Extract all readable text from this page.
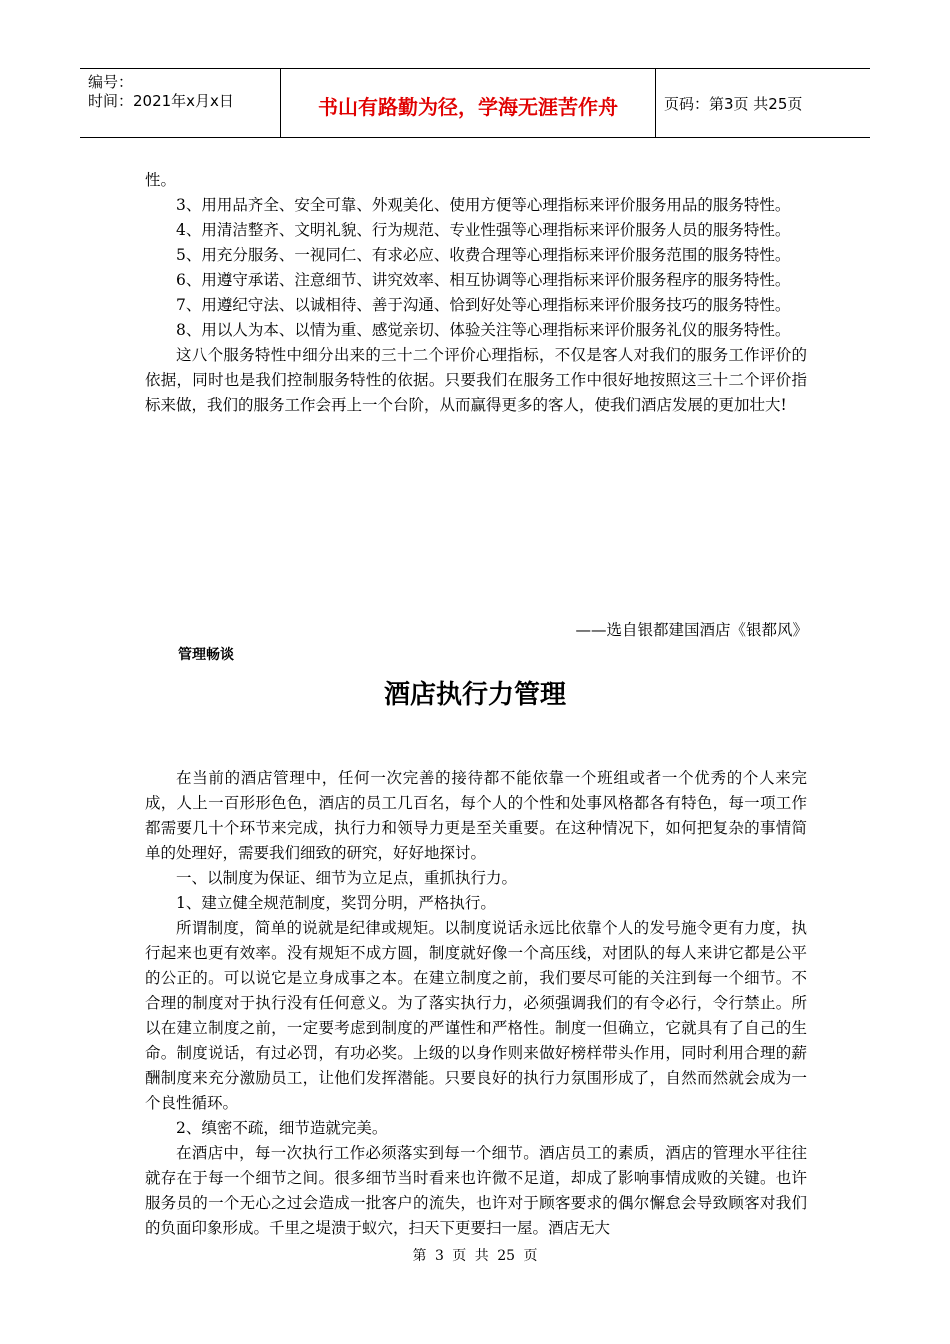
编号：
时间：2021年x月x日	书山有路勤为径，学海无涯苦作舟	页码：第3页 共25页

性。

3、用用品齐全、安全可靠、外观美化、使用方便等心理指标来评价服务用品的服务特性。

4、用清洁整齐、文明礼貌、行为规范、专业性强等心理指标来评价服务人员的服务特性。

5、用充分服务、一视同仁、有求必应、收费合理等心理指标来评价服务范围的服务特性。

6、用遵守承诺、注意细节、讲究效率、相互协调等心理指标来评价服务程序的服务特性。

7、用遵纪守法、以诚相待、善于沟通、恰到好处等心理指标来评价服务技巧的服务特性。

8、用以人为本、以情为重、感觉亲切、体验关注等心理指标来评价服务礼仪的服务特性。

这八个服务特性中细分出来的三十二个评价心理指标，不仅是客人对我们的服务工作评价的依据，同时也是我们控制服务特性的依据。只要我们在服务工作中很好地按照这三十二个评价指标来做，我们的服务工作会再上一个台阶，从而赢得更多的客人，使我们酒店发展的更加壮大!

——选自银都建国酒店《银都风》
管理畅谈
酒店执行力管理

在当前的酒店管理中，任何一次完善的接待都不能依靠一个班组或者一个优秀的个人来完成，人上一百形形色色，酒店的员工几百名，每个人的个性和处事风格都各有特色，每一项工作都需要几十个环节来完成，执行力和领导力更是至关重要。在这种情况下，如何把复杂的事情简单的处理好，需要我们细致的研究，好好地探讨。

一、以制度为保证、细节为立足点，重抓执行力。

1、建立健全规范制度，奖罚分明，严格执行。

所谓制度，简单的说就是纪律或规矩。以制度说话永远比依靠个人的发号施令更有力度，执行起来也更有效率。没有规矩不成方圆，制度就好像一个高压线，对团队的每人来讲它都是公平的公正的。可以说它是立身成事之本。在建立制度之前，我们要尽可能的关注到每一个细节。不合理的制度对于执行没有任何意义。为了落实执行力，必须强调我们的有令必行，令行禁止。所以在建立制度之前，一定要考虑到制度的严谨性和严格性。制度一但确立，它就具有了自己的生命。制度说话，有过必罚，有功必奖。上级的以身作则来做好榜样带头作用，同时利用合理的薪酬制度来充分激励员工，让他们发挥潜能。只要良好的执行力氛围形成了，自然而然就会成为一个良性循环。

2、缜密不疏，细节造就完美。

在酒店中，每一次执行工作必须落实到每一个细节。酒店员工的素质，酒店的管理水平往往就存在于每一个细节之间。很多细节当时看来也许微不足道，却成了影响事情成败的关键。也许服务员的一个无心之过会造成一批客户的流失，也许对于顾客要求的偶尔懈怠会导致顾客对我们的负面印象形成。千里之堤溃于蚁穴，扫天下更要扫一屋。酒店无大

第 3 页 共 25 页
